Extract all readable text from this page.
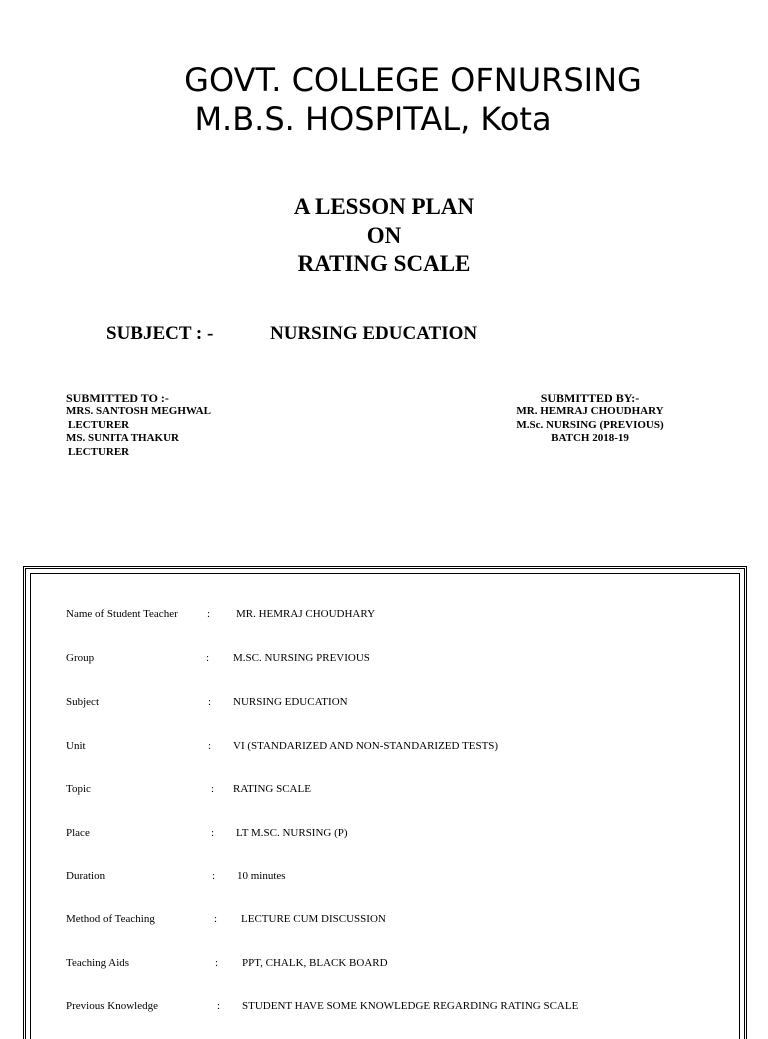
GOVT. COLLEGE OFNURSING
M.B.S. HOSPITAL, Kota
A LESSON PLAN
ON
RATING SCALE
SUBJECT : -	NURSING EDUCATION
SUBMITTED TO :-
MRS. SANTOSH MEGHWAL
LECTURER
MS. SUNITA THAKUR
LECTURER
SUBMITTED BY:-
MR. HEMRAJ CHOUDHARY
M.Sc. NURSING (PREVIOUS)
BATCH 2018-19
Name of Student Teacher	: MR. HEMRAJ CHOUDHARY
Group	: M.SC. NURSING PREVIOUS
Subject	: NURSING EDUCATION
Unit	: VI (STANDARIZED AND NON-STANDARIZED TESTS)
Topic	: RATING SCALE
Place	: LT M.SC. NURSING (P)
Duration	: 10 minutes
Method of Teaching	: LECTURE CUM DISCUSSION
Teaching Aids	: PPT, CHALK, BLACK BOARD
Previous Knowledge	: STUDENT HAVE SOME KNOWLEDGE REGARDING RATING SCALE
